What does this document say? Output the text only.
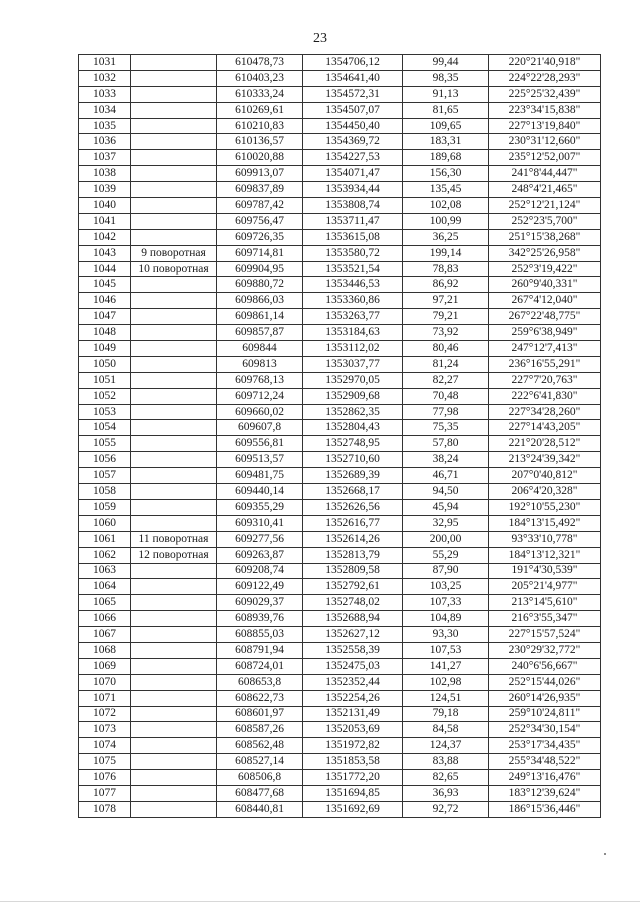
23
1031		610478,73	1354706,12	99,44	220°21'40,918"
1032		610403,23	1354641,40	98,35	224°22'28,293"
1033		610333,24	1354572,31	91,13	225°25'32,439"
1034		610269,61	1354507,07	81,65	223°34'15,838"
1035		610210,83	1354450,40	109,65	227°13'19,840"
1036		610136,57	1354369,72	183,31	230°31'12,660"
1037		610020,88	1354227,53	189,68	235°12'52,007"
1038		609913,07	1354071,47	156,30	241°8'44,447"
1039		609837,89	1353934,44	135,45	248°4'21,465"
1040		609787,42	1353808,74	102,08	252°12'21,124"
1041		609756,47	1353711,47	100,99	252°23'5,700"
1042		609726,35	1353615,08	36,25	251°15'38,268"
1043	9 поворотная	609714,81	1353580,72	199,14	342°25'26,958"
1044	10 поворотная	609904,95	1353521,54	78,83	252°3'19,422"
1045		609880,72	1353446,53	86,92	260°9'40,331"
1046		609866,03	1353360,86	97,21	267°4'12,040"
1047		609861,14	1353263,77	79,21	267°22'48,775"
1048		609857,87	1353184,63	73,92	259°6'38,949"
1049		609844	1353112,02	80,46	247°12'7,413"
1050		609813	1353037,77	81,24	236°16'55,291"
1051		609768,13	1352970,05	82,27	227°7'20,763"
1052		609712,24	1352909,68	70,48	222°6'41,830"
1053		609660,02	1352862,35	77,98	227°34'28,260"
1054		609607,8	1352804,43	75,35	227°14'43,205"
1055		609556,81	1352748,95	57,80	221°20'28,512"
1056		609513,57	1352710,60	38,24	213°24'39,342"
1057		609481,75	1352689,39	46,71	207°0'40,812"
1058		609440,14	1352668,17	94,50	206°4'20,328"
1059		609355,29	1352626,56	45,94	192°10'55,230"
1060		609310,41	1352616,77	32,95	184°13'15,492"
1061	11 поворотная	609277,56	1352614,26	200,00	93°33'10,778"
1062	12 поворотная	609263,87	1352813,79	55,29	184°13'12,321"
1063		609208,74	1352809,58	87,90	191°4'30,539"
1064		609122,49	1352792,61	103,25	205°21'4,977"
1065		609029,37	1352748,02	107,33	213°14'5,610"
1066		608939,76	1352688,94	104,89	216°3'55,347"
1067		608855,03	1352627,12	93,30	227°15'57,524"
1068		608791,94	1352558,39	107,53	230°29'32,772"
1069		608724,01	1352475,03	141,27	240°6'56,667"
1070		608653,8	1352352,44	102,98	252°15'44,026"
1071		608622,73	1352254,26	124,51	260°14'26,935"
1072		608601,97	1352131,49	79,18	259°10'24,811"
1073		608587,26	1352053,69	84,58	252°34'30,154"
1074		608562,48	1351972,82	124,37	253°17'34,435"
1075		608527,14	1351853,58	83,88	255°34'48,522"
1076		608506,8	1351772,20	82,65	249°13'16,476"
1077		608477,68	1351694,85	36,93	183°12'39,624"
1078		608440,81	1351692,69	92,72	186°15'36,446"
